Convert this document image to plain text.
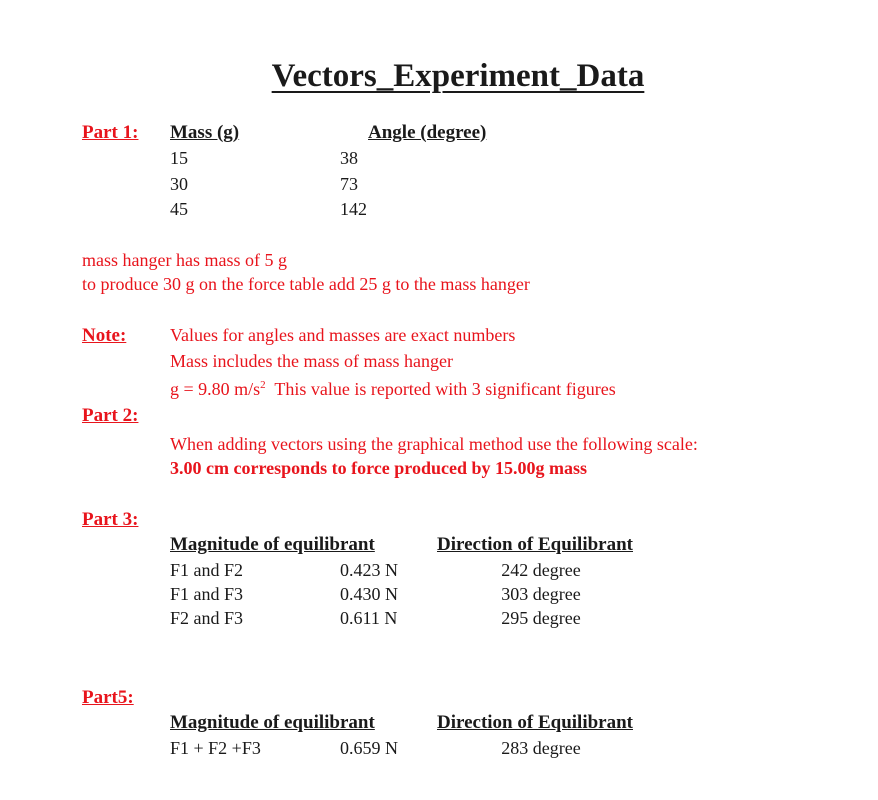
Vectors_Experiment_Data
Part 1: Mass (g)	Angle (degree)
15	38
30	73
45	142
mass hanger has mass of 5 g
to produce 30 g on the force table add 25 g to the mass hanger
Note: Values for angles and masses are exact numbers
Mass includes the mass of mass hanger
g = 9.80 $m/s^2$  This value is reported with 3 significant figures
Part 2:
When adding vectors using the graphical method use the following scale:
3.00 cm corresponds to force produced by 15.00g mass
Part 3:
Magnitude of equilibrant	Direction of Equilibrant
F1 and F2	0.423 N	242 degree
F1 and F3	0.430 N	303 degree
F2 and F3	0.611 N	295 degree
Part5:
Magnitude of equilibrant	Direction of Equilibrant
F1 + F2 +F3	0.659 N	283 degree
